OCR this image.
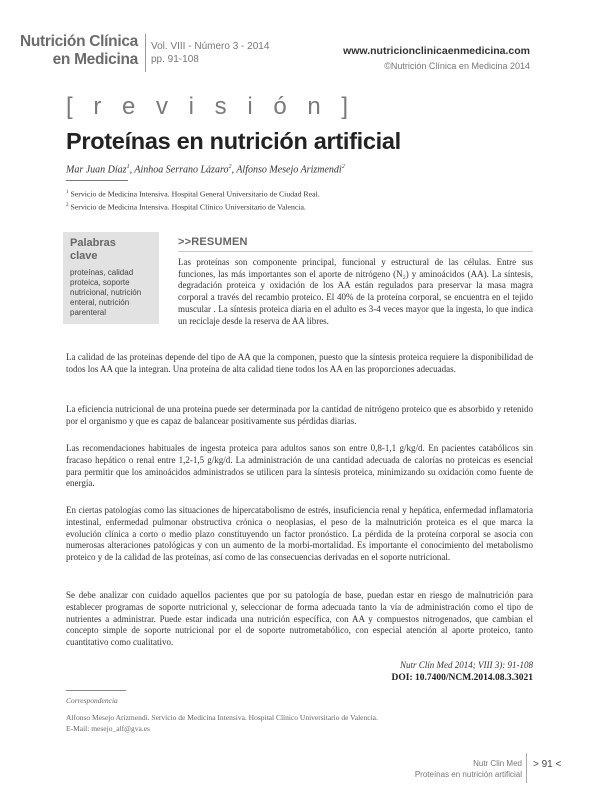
Nutrición Clínica
en Medicina
Vol. VIII - Número 3 - 2014
pp. 91-108
www.nutricionclinicaenmedicina.com
©Nutrición Clínica en Medicina 2014
[ r e v i s i ó n ]
Proteínas en nutrición artificial
Mar Juan Díaz$^1$, Ainhoa Serrano Lázaro$^2$, Alfonso Mesejo Arizmendi$^2$
$^1$ Servicio de Medicina Intensiva. Hospital General Universitario de Ciudad Real.
$^2$ Servicio de Medicina Intensiva. Hospital Clínico Universitario de Valencia.
Palabras
clave
proteínas, calidad proteica, soporte nutricional, nutrición enteral, nutrición parenteral
>>RESUMEN
Las proteínas son componente principal, funcional y estructural de las células. Entre sus funciones, las más importantes son el aporte de nitrógeno (N₂) y aminoácidos (AA). La síntesis, degradación proteica y oxidación de los AA están regulados para preservar la masa magra corporal a través del recambio proteico. El 40% de la proteína corporal, se encuentra en el tejido muscular . La síntesis proteica diaria en el adulto es 3-4 veces mayor que la ingesta, lo que indica un reciclaje desde la reserva de AA libres.
La calidad de las proteínas depende del tipo de AA que la componen, puesto que la síntesis proteica requiere la disponibilidad de todos los AA que la integran. Una proteína de alta calidad tiene todos los AA en las proporciones adecuadas.
La eficiencia nutricional de una proteína puede ser determinada por la cantidad de nitrógeno proteico que es absorbido y retenido por el organismo y que es capaz de balancear positivamente sus pérdidas diarias.
Las recomendaciones habituales de ingesta proteica para adultos sanos son entre 0,8-1,1 g/kg/d. En pacientes catabólicos sin fracaso hepático o renal entre 1,2-1,5 g/kg/d. La administración de una cantidad adecuada de calorías no proteicas es esencial para permitir que los aminoácidos administrados se utilicen para la síntesis proteica, minimizando su oxidación como fuente de energía.
En ciertas patologías como las situaciones de hipercatabolismo de estrés, insuficiencia renal y hepática, enfermedad inflamatoria intestinal, enfermedad pulmonar obstructiva crónica o neoplasias, el peso de la malnutrición proteica es el que marca la evolución clínica a corto o medio plazo constituyendo un factor pronóstico. La pérdida de la proteína corporal se asocia con numerosas alteraciones patológicas y con un aumento de la morbi-mortalidad. Es importante el conocimiento del metabolismo proteico y de la calidad de las proteínas, así como de las consecuencias derivadas en el soporte nutricional.
Se debe analizar con cuidado aquellos pacientes que por su patología de base, puedan estar en riesgo de malnutrición para establecer programas de soporte nutricional y, seleccionar de forma adecuada tanto la vía de administración como el tipo de nutrientes a administrar. Puede estar indicada una nutrición específica, con AA y compuestos nitrogenados, que cambian el concepto simple de soporte nutricional por el de soporte nutrometabólico, con especial atención al aporte proteico, tanto cuantitativo como cualitativo.
Nutr Clín Med 2014; VIII 3): 91-108
DOI: 10.7400/NCM.2014.08.3.3021
Correspondencia
Alfonso Mesejo Arizmendi. Servicio de Medicina Intensiva. Hospital Clínico Universitario de Valencia.
E-Mail: mesejo_alf@gva.es
Nutr Clin Med
Proteínas en nutrición artificial
> 91 <
